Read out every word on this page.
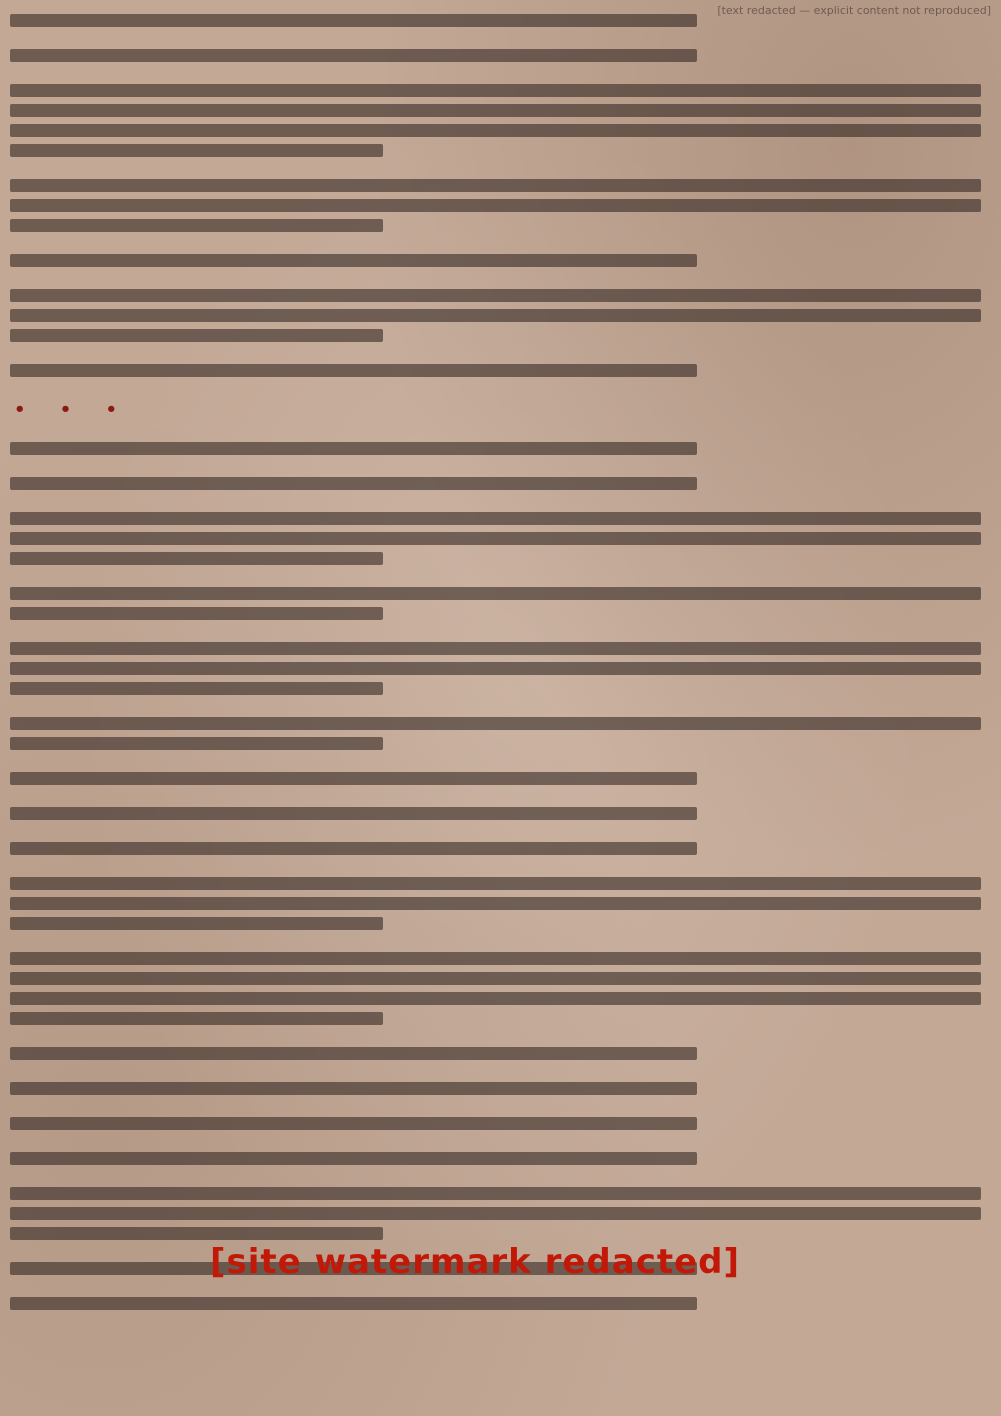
[text redacted — explicit content not reproduced]
• • •
[site watermark redacted]
